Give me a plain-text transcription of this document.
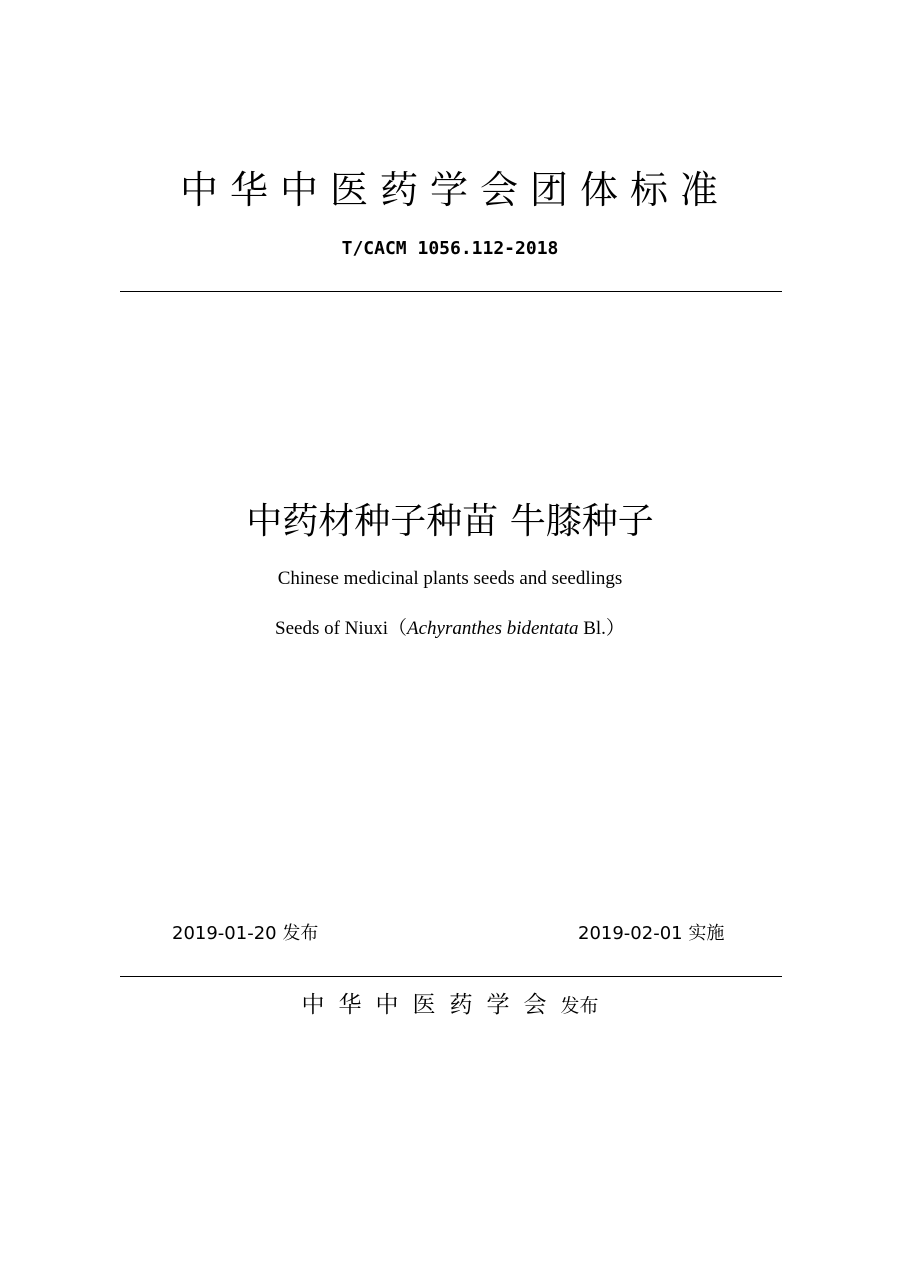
中华中医药学会团体标准
T/CACM 1056.112-2018
中药材种子种苗 牛膝种子
Chinese medicinal plants seeds and seedlings
Seeds of Niuxi（Achyranthes bidentata Bl.）
2019-01-20 发布	2019-02-01 实施
中华中医药学会发布
